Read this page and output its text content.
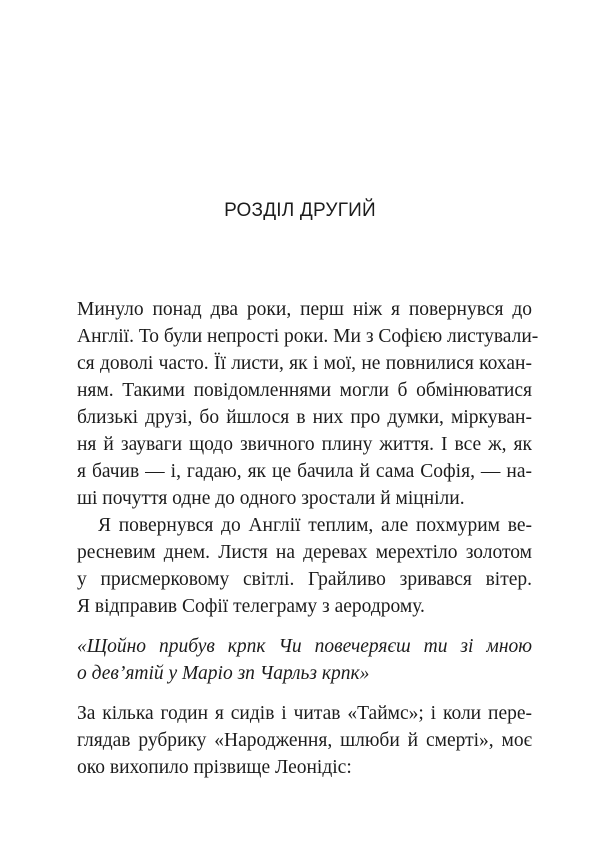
РОЗДІЛ ДРУГИЙ
Минуло понад два роки, перш ніж я повернувся до
Англії. То були непрості роки. Ми з Софією листували-
ся доволі часто. Її листи, як і мої, не повнилися кохан-
ням. Такими повідомленнями могли б обмінюватися
близькі друзі, бо йшлося в них про думки, міркуван-
ня й зауваги щодо звичного плину життя. І все ж, як
я бачив — і, гадаю, як це бачила й сама Софія, — на-
ші почуття одне до одного зростали й міцніли.
Я повернувся до Англії теплим, але похмурим ве-
ресневим днем. Листя на деревах мерехтіло золотом
у присмерковому світлі. Грайливо зривався вітер.
Я відправив Софії телеграму з аеродрому.
«Щойно прибув крпк Чи повечеряєш ти зі мною
о дев’ятій у Маріо зп Чарльз крпк»
За кілька годин я сидів і читав «Таймс»; і коли пере-
глядав рубрику «Народження, шлюби й смерті», моє
око вихопило прізвище Леонідіс:
